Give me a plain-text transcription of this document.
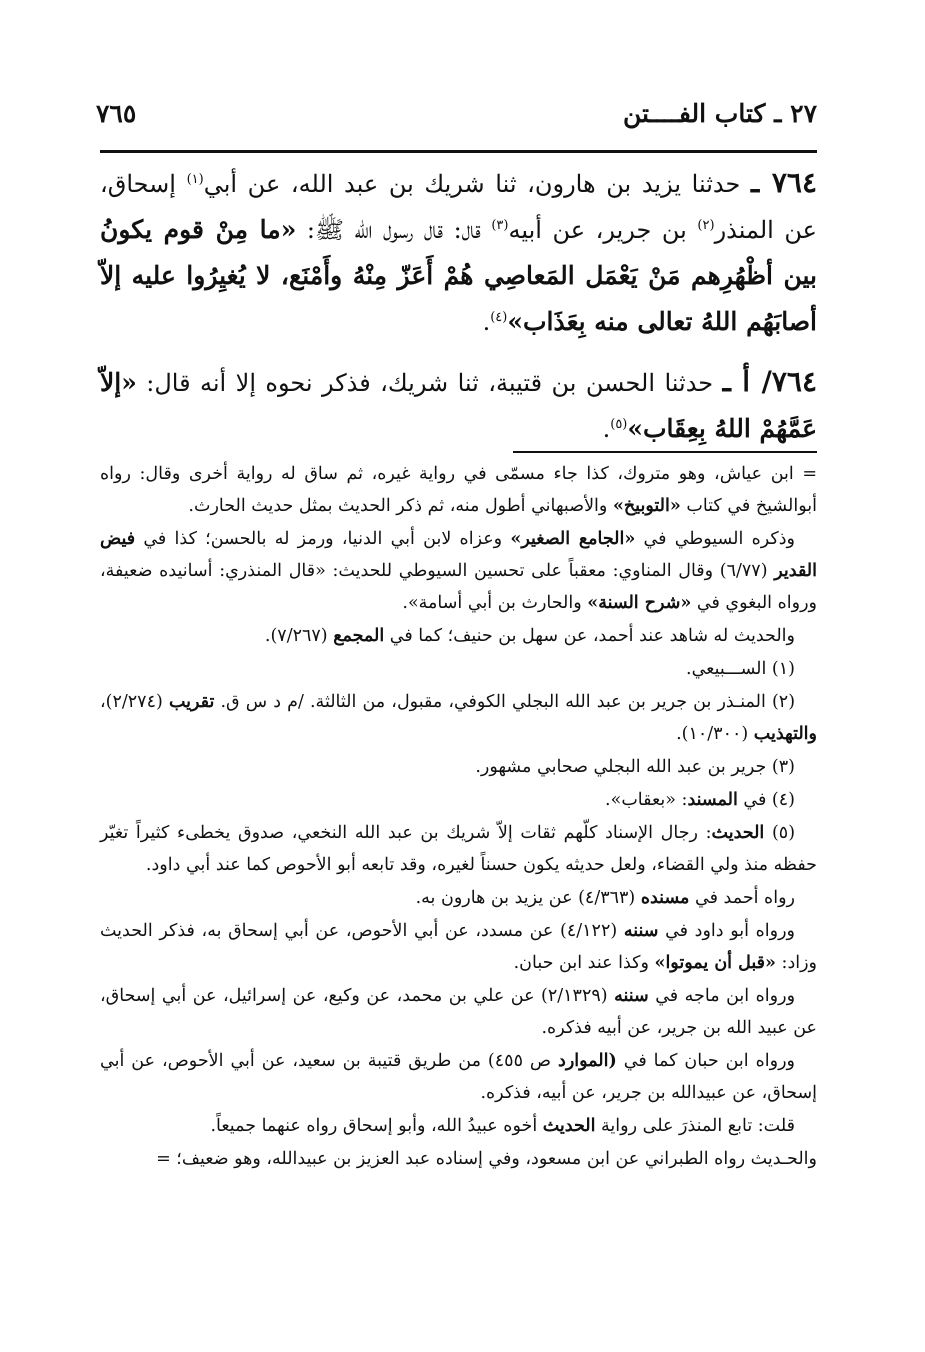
٢٧ ـ كتاب الفــــتن
٧٦٥

٧٦٤ ـ حدثنا يزيد بن هارون، ثنا شريك بن عبد الله، عن أبي$^{(١)}$ إسحاق، عن المنذر$^{(٢)}$ بن جرير، عن أبيه$^{(٣)}$ قال: قال رسول الله ﷺ: «ما مِنْ قوم يكونُ بين أظْهُرِهم مَنْ يَعْمَل المَعاصِي هُمْ أَعَزّ مِنْهُ وأَمْنَع، لا يُغيِرُوا عليه إلاّ أصابَهُم اللهُ تعالى منه بِعَذَاب»$^{(٤)}$.

٧٦٤/ أ ـ حدثنا الحسن بن قتيبة، ثنا شريك، فذكر نحوه إلا أنه قال: «إلاّ عَمَّهُمْ اللهُ بِعِقَاب»$^{(٥)}$.

= ابن عياش، وهو متروك، كذا جاء مسمّى في رواية غيره، ثم ساق له رواية أخرى وقال: رواه أبوالشيخ في كتاب «التوبيخ» والأصبهاني أطول منه، ثم ذكر الحديث بمثل حديث الحارث.

وذكره السيوطي في «الجامع الصغير» وعزاه لابن أبي الدنيا، ورمز له بالحسن؛ كذا في فيض القدير (٦/٧٧) وقال المناوي: معقباً على تحسين السيوطي للحديث: «قال المنذري: أسانيده ضعيفة، ورواه البغوي في «شرح السنة» والحارث بن أبي أسامة».

والحديث له شاهد عند أحمد، عن سهل بن حنيف؛ كما في المجمع (٧/٢٦٧).

(١) الســـبيعي.

(٢) المنـذر بن جرير بن عبد الله البجلي الكوفي، مقبول، من الثالثة. /م د س ق. تقريب (٢/٢٧٤)، والتهذيب (١٠/٣٠٠).

(٣) جرير بن عبد الله البجلي صحابي مشهور.

(٤) في المسند: «بعقاب».

(٥) الحديث: رجال الإسناد كلّهم ثقات إلاّ شريك بن عبد الله النخعي، صدوق يخطىء كثيراً تغيّر حفظه منذ ولي القضاء، ولعل حديثه يكون حسناً لغيره، وقد تابعه أبو الأحوص كما عند أبي داود.

رواه أحمد في مسنده (٤/٣٦٣) عن يزيد بن هارون به.

ورواه أبو داود في سننه (٤/١٢٢) عن مسدد، عن أبي الأحوص، عن أبي إسحاق به، فذكر الحديث وزاد: «قبل أن يموتوا» وكذا عند ابن حبان.

ورواه ابن ماجه في سننه (٢/١٣٢٩) عن علي بن محمد، عن وكيع، عن إسرائيل، عن أبي إسحاق، عن عبيد الله بن جرير، عن أبيه فذكره.

ورواه ابن حبان كما في (الموارد ص ٤٥٥) من طريق قتيبة بن سعيد، عن أبي الأحوص، عن أبي إسحاق، عن عبيدالله بن جرير، عن أبيه، فذكره.

قلت: تابع المنذرَ على رواية الحديث أخوه عبيدُ الله، وأبو إسحاق رواه عنهما جميعاً.

والحـديث رواه الطبراني عن ابن مسعود، وفي إسناده عبد العزيز بن عبيدالله، وهو ضعيف؛ =
